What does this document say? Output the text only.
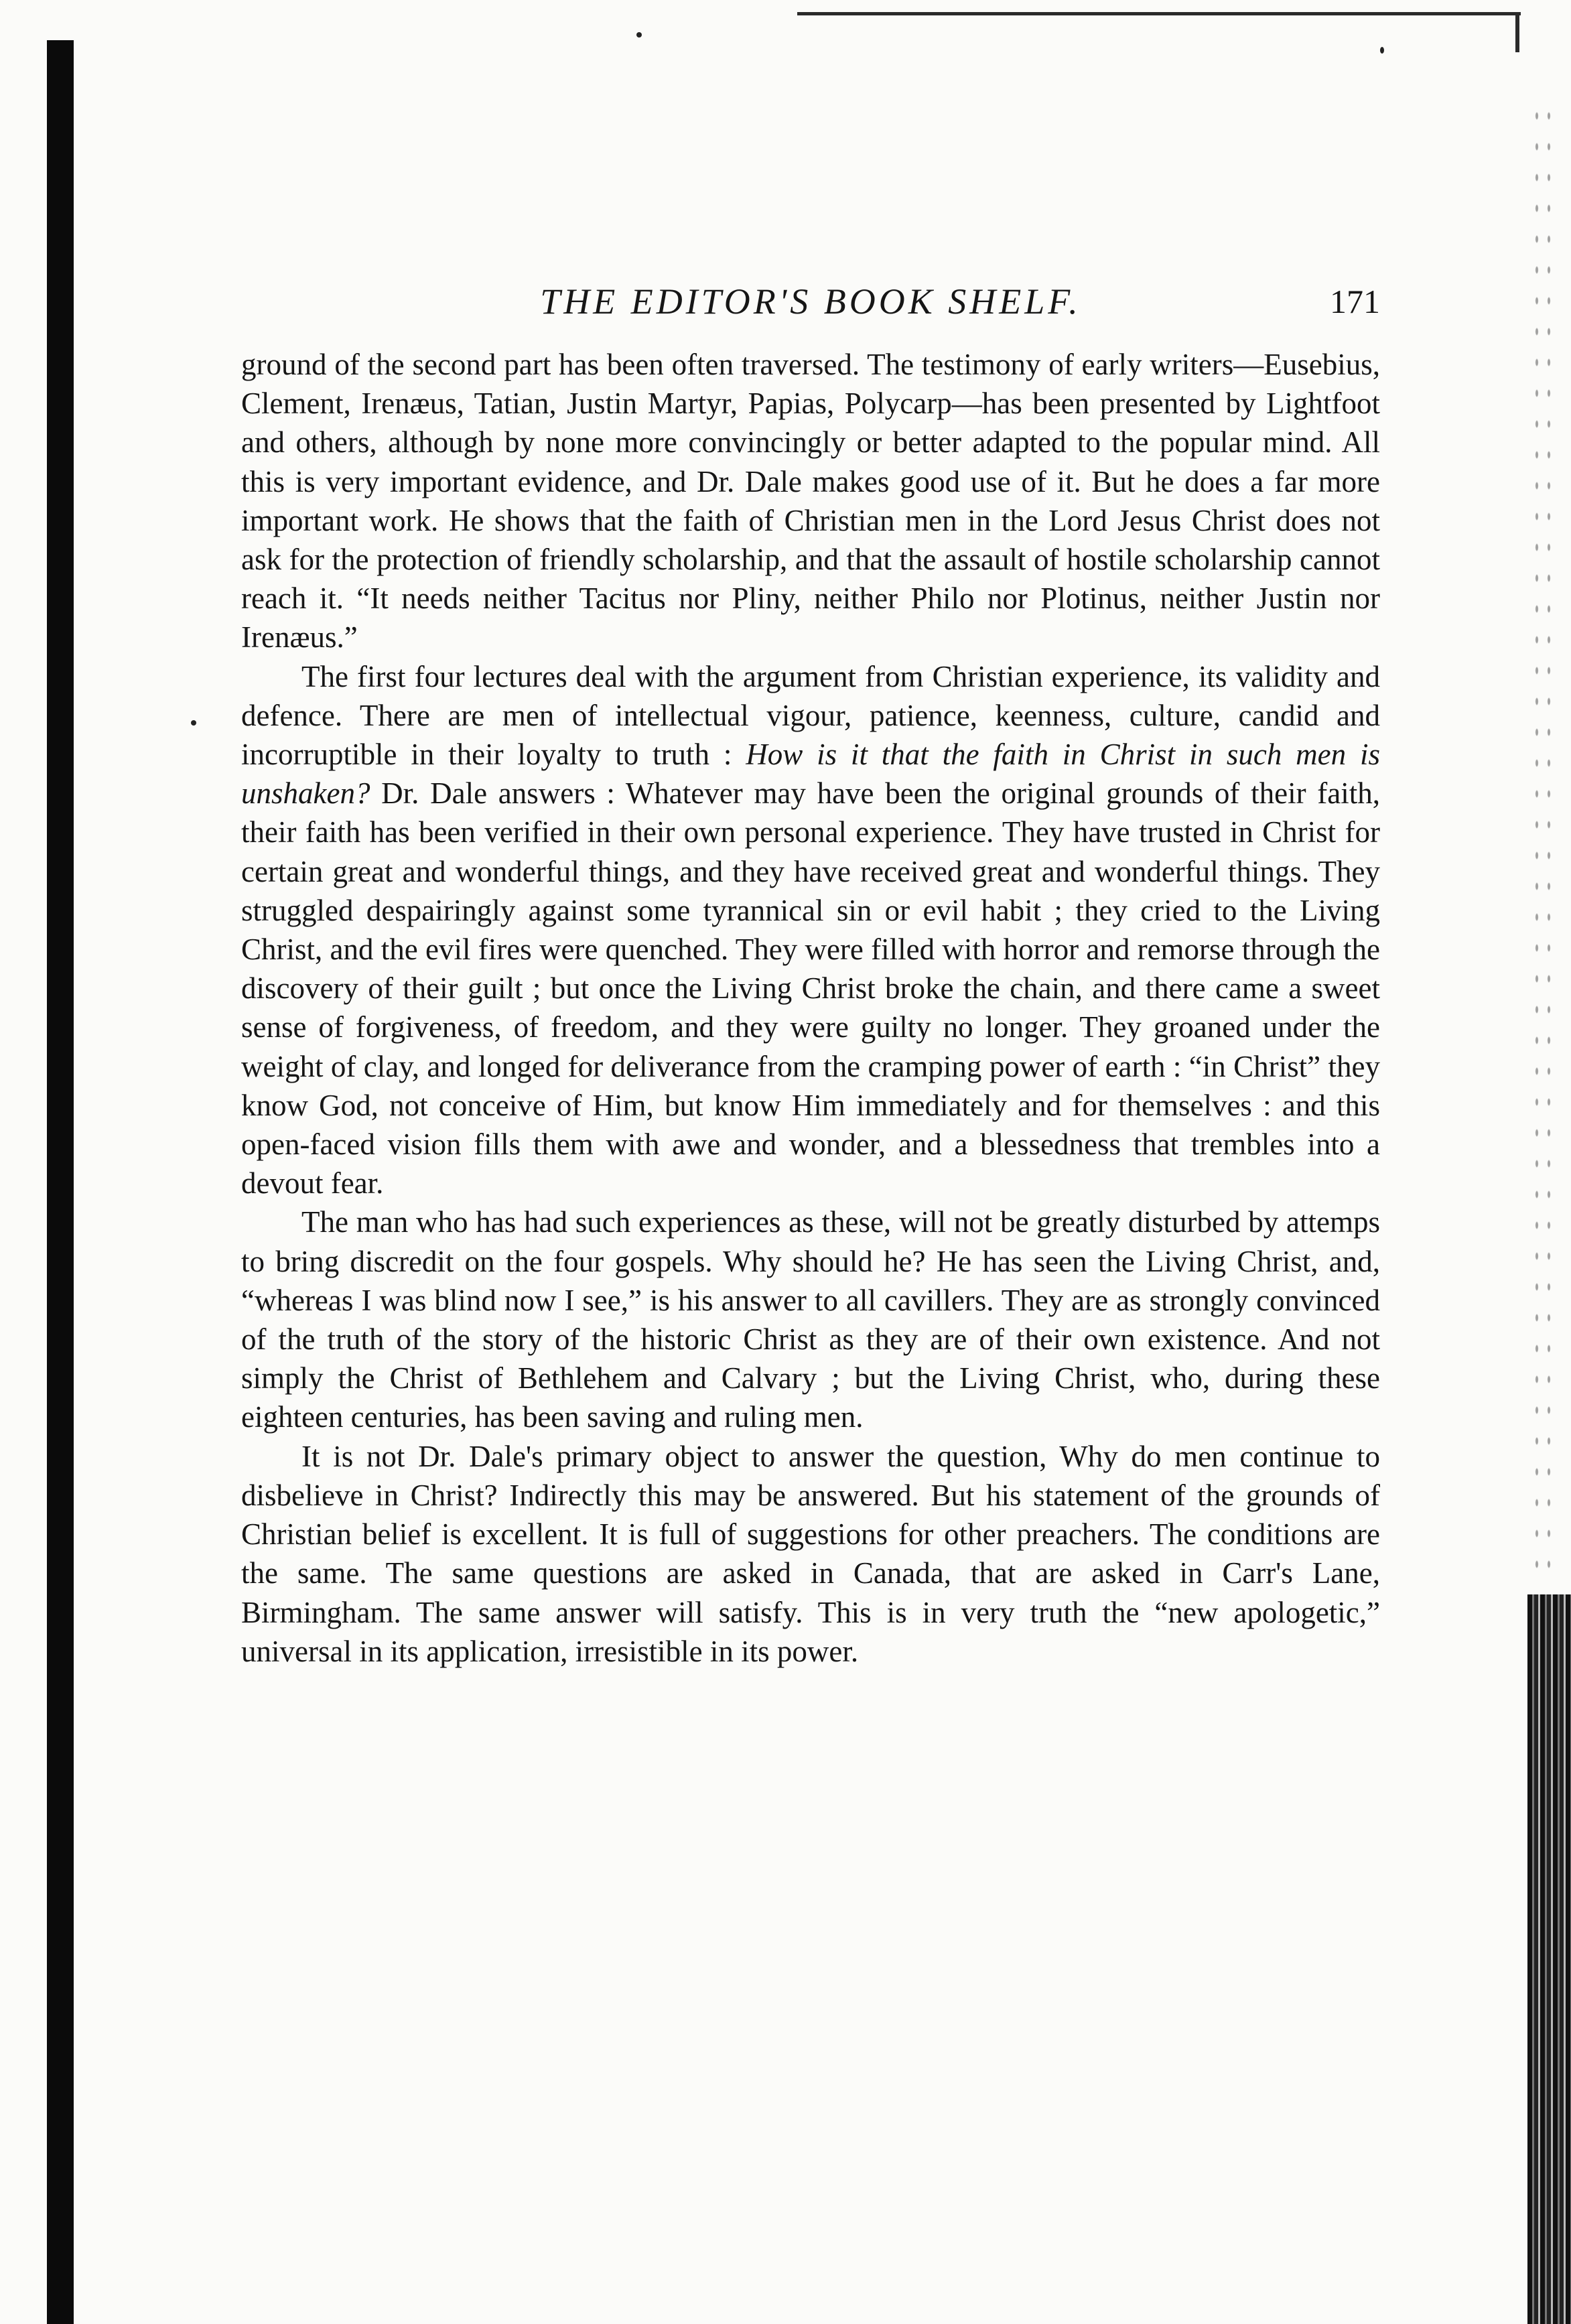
THE EDITOR'S BOOK SHELF.	171

ground of the second part has been often traversed. The testimony of early writers—Eusebius, Clement, Irenæus, Tatian, Justin Martyr, Papias, Polycarp—has been presented by Lightfoot and others, although by none more convincingly or better adapted to the popular mind. All this is very important evidence, and Dr. Dale makes good use of it. But he does a far more important work. He shows that the faith of Christian men in the Lord Jesus Christ does not ask for the protection of friendly scholarship, and that the assault of hostile scholarship cannot reach it. “It needs neither Tacitus nor Pliny, neither Philo nor Plotinus, neither Justin nor Irenæus.”

The first four lectures deal with the argument from Christian experience, its validity and defence. There are men of intellectual vigour, patience, keenness, culture, candid and incorruptible in their loyalty to truth : How is it that the faith in Christ in such men is unshaken? Dr. Dale answers : Whatever may have been the original grounds of their faith, their faith has been verified in their own personal experience. They have trusted in Christ for certain great and wonderful things, and they have received great and wonderful things. They struggled despairingly against some tyrannical sin or evil habit ; they cried to the Living Christ, and the evil fires were quenched. They were filled with horror and remorse through the discovery of their guilt ; but once the Living Christ broke the chain, and there came a sweet sense of forgiveness, of freedom, and they were guilty no longer. They groaned under the weight of clay, and longed for deliverance from the cramping power of earth : “in Christ” they know God, not conceive of Him, but know Him immediately and for themselves : and this open-faced vision fills them with awe and wonder, and a blessedness that trembles into a devout fear.

The man who has had such experiences as these, will not be greatly disturbed by attemps to bring discredit on the four gospels. Why should he? He has seen the Living Christ, and, “whereas I was blind now I see,” is his answer to all cavillers. They are as strongly convinced of the truth of the story of the historic Christ as they are of their own existence. And not simply the Christ of Bethlehem and Calvary ; but the Living Christ, who, during these eighteen centuries, has been saving and ruling men.

It is not Dr. Dale's primary object to answer the question, Why do men continue to disbelieve in Christ? Indirectly this may be answered. But his statement of the grounds of Christian belief is excellent. It is full of suggestions for other preachers. The conditions are the same. The same questions are asked in Canada, that are asked in Carr's Lane, Birmingham. The same answer will satisfy. This is in very truth the “new apologetic,” universal in its application, irresistible in its power.
